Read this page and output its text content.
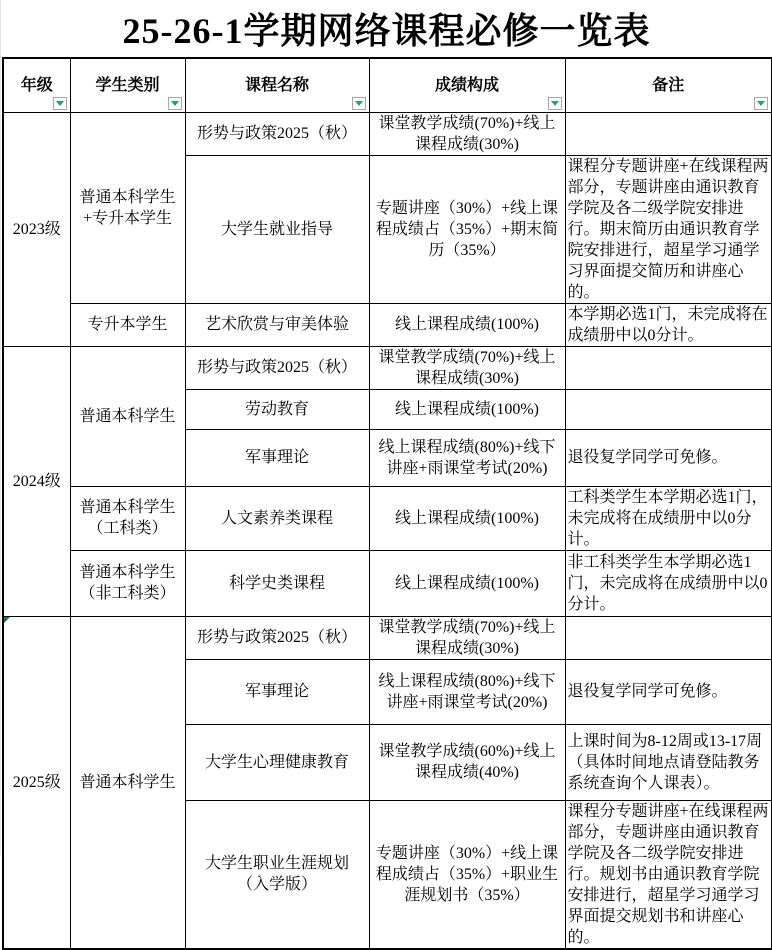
25-26-1学期网络课程必修一览表
年级	学生类别	课程名称	成绩构成	备注

2023级	普通本科学生+专升本学生	形势与政策2025（秋）	课堂教学成绩(70%)+线上课程成绩(30%)	
		大学生就业指导	专题讲座（30%）+线上课程成绩占（35%）+期末简历（35%）	课程分专题讲座+在线课程两部分，专题讲座由通识教育学院及各二级学院安排进行。期末简历由通识教育学院安排进行，超星学习通学习界面提交简历和讲座心的。
	专升本学生	艺术欣赏与审美体验	线上课程成绩(100%)	本学期必选1门，未完成将在成绩册中以0分计。
2024级	普通本科学生	形势与政策2025（秋）	课堂教学成绩(70%)+线上课程成绩(30%)	
		劳动教育	线上课程成绩(100%)	
		军事理论	线上课程成绩(80%)+线下讲座+雨课堂考试(20%)	退役复学同学可免修。
	普通本科学生（工科类）	人文素养类课程	线上课程成绩(100%)	工科类学生本学期必选1门，未完成将在成绩册中以0分计。
	普通本科学生（非工科类）	科学史类课程	线上课程成绩(100%)	非工科类学生本学期必选1门，未完成将在成绩册中以0分计。

2025级	普通本科学生	形势与政策2025（秋）	课堂教学成绩(70%)+线上课程成绩(30%)	
		军事理论	线上课程成绩(80%)+线下讲座+雨课堂考试(20%)	退役复学同学可免修。
		大学生心理健康教育	课堂教学成绩(60%)+线上课程成绩(40%)	上课时间为8-12周或13-17周（具体时间地点请登陆教务系统查询个人课表）。
		大学生职业生涯规划（入学版）	专题讲座（30%）+线上课程成绩占（35%）+职业生涯规划书（35%）	课程分专题讲座+在线课程两部分，专题讲座由通识教育学院及各二级学院安排进行。规划书由通识教育学院安排进行，超星学习通学习界面提交规划书和讲座心的。
